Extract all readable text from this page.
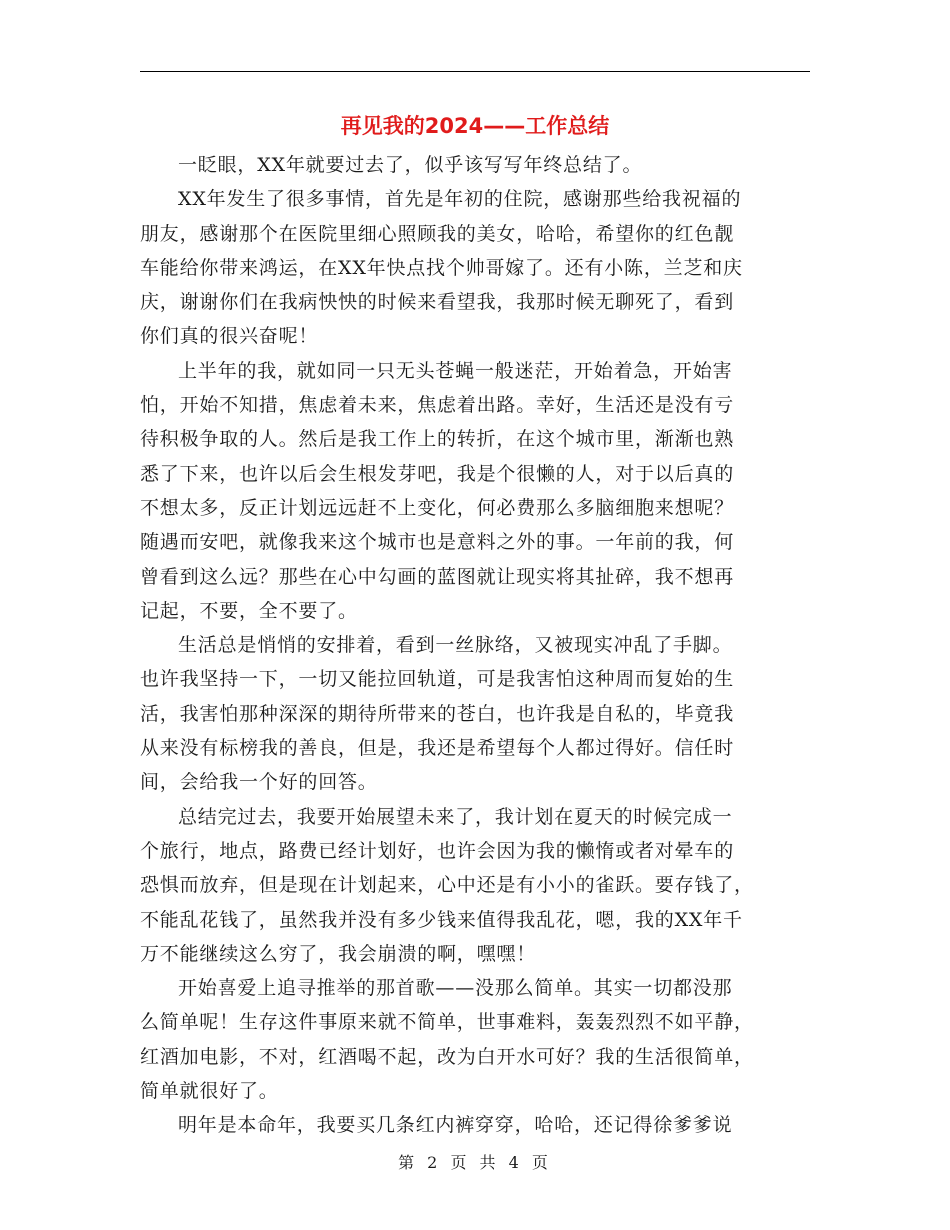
再见我的2024——工作总结

一眨眼，XX年就要过去了，似乎该写写年终总结了。

XX年发生了很多事情，首先是年初的住院，感谢那些给我祝福的
朋友，感谢那个在医院里细心照顾我的美女，哈哈，希望你的红色靓
车能给你带来鸿运，在XX年快点找个帅哥嫁了。还有小陈，兰芝和庆
庆，谢谢你们在我病怏怏的时候来看望我，我那时候无聊死了，看到
你们真的很兴奋呢！

上半年的我，就如同一只无头苍蝇一般迷茫，开始着急，开始害
怕，开始不知措，焦虑着未来，焦虑着出路。幸好，生活还是没有亏
待积极争取的人。然后是我工作上的转折，在这个城市里，渐渐也熟
悉了下来，也许以后会生根发芽吧，我是个很懒的人，对于以后真的
不想太多，反正计划远远赶不上变化，何必费那么多脑细胞来想呢？
随遇而安吧，就像我来这个城市也是意料之外的事。一年前的我，何
曾看到这么远？那些在心中勾画的蓝图就让现实将其扯碎，我不想再
记起，不要，全不要了。

生活总是悄悄的安排着，看到一丝脉络，又被现实冲乱了手脚。
也许我坚持一下，一切又能拉回轨道，可是我害怕这种周而复始的生
活，我害怕那种深深的期待所带来的苍白，也许我是自私的，毕竟我
从来没有标榜我的善良，但是，我还是希望每个人都过得好。信任时
间，会给我一个好的回答。

总结完过去，我要开始展望未来了，我计划在夏天的时候完成一
个旅行，地点，路费已经计划好，也许会因为我的懒惰或者对晕车的
恐惧而放弃，但是现在计划起来，心中还是有小小的雀跃。要存钱了，
不能乱花钱了，虽然我并没有多少钱来值得我乱花，嗯，我的XX年千
万不能继续这么穷了，我会崩溃的啊，嘿嘿！

开始喜爱上追寻推举的那首歌——没那么简单。其实一切都没那
么简单呢！生存这件事原来就不简单，世事难料，轰轰烈烈不如平静，
红酒加电影，不对，红酒喝不起，改为白开水可好？我的生活很简单，
简单就很好了。

明年是本命年，我要买几条红内裤穿穿，哈哈，还记得徐爹爹说

第 2 页 共 4 页
